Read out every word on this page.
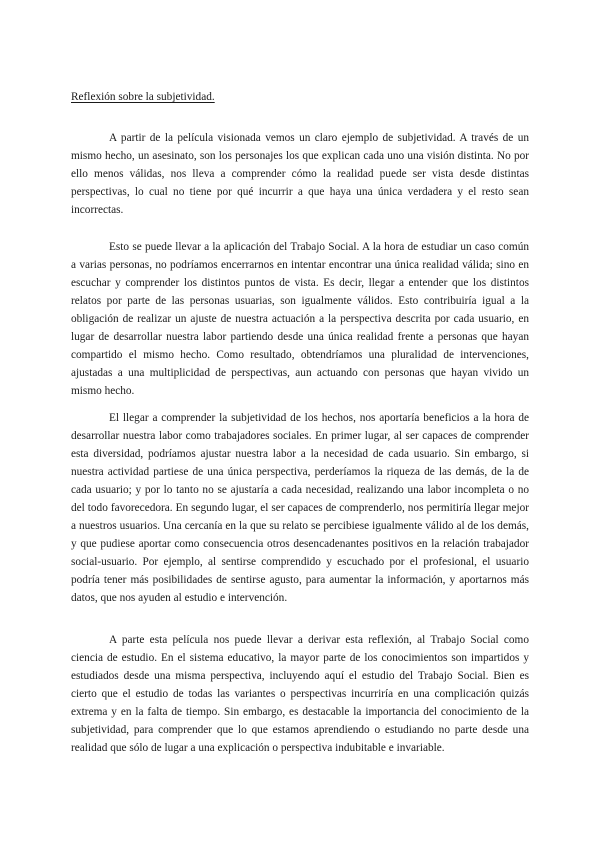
Reflexión sobre la subjetividad.

A partir de la película visionada vemos un claro ejemplo de subjetividad. A través de un mismo hecho, un asesinato, son los personajes los que explican cada uno una visión distinta. No por ello menos válidas, nos lleva a comprender cómo la realidad puede ser vista desde distintas perspectivas, lo cual no tiene por qué incurrir a que haya una única verdadera y el resto sean incorrectas.

Esto se puede llevar a la aplicación del Trabajo Social. A la hora de estudiar un caso común a varias personas, no podríamos encerrarnos en intentar encontrar una única realidad válida; sino en escuchar y comprender los distintos puntos de vista. Es decir, llegar a entender que los distintos relatos por parte de las personas usuarias, son igualmente válidos. Esto contribuiría igual a la obligación de realizar un ajuste de nuestra actuación a la perspectiva descrita por cada usuario, en lugar de desarrollar nuestra labor partiendo desde una única realidad frente a personas que hayan compartido el mismo hecho. Como resultado, obtendríamos una pluralidad de intervenciones, ajustadas a una multiplicidad de perspectivas, aun actuando con personas que hayan vivido un mismo hecho.

El llegar a comprender la subjetividad de los hechos, nos aportaría beneficios a la hora de desarrollar nuestra labor como trabajadores sociales. En primer lugar, al ser capaces de comprender esta diversidad, podríamos ajustar nuestra labor a la necesidad de cada usuario. Sin embargo, si nuestra actividad partiese de una única perspectiva, perderíamos la riqueza de las demás, de la de cada usuario; y por lo tanto no se ajustaría a cada necesidad, realizando una labor incompleta o no del todo favorecedora. En segundo lugar, el ser capaces de comprenderlo, nos permitiría llegar mejor a nuestros usuarios. Una cercanía en la que su relato se percibiese igualmente válido al de los demás, y que pudiese aportar como consecuencia otros desencadenantes positivos en la relación trabajador social-usuario. Por ejemplo, al sentirse comprendido y escuchado por el profesional, el usuario podría tener más posibilidades de sentirse agusto, para aumentar la información, y aportarnos más datos, que nos ayuden al estudio e intervención.

A parte esta película nos puede llevar a derivar esta reflexión, al Trabajo Social como ciencia de estudio. En el sistema educativo, la mayor parte de los conocimientos son impartidos y estudiados desde una misma perspectiva, incluyendo aquí el estudio del Trabajo Social. Bien es cierto que el estudio de todas las variantes o perspectivas incurriría en una complicación quizás extrema y en la falta de tiempo. Sin embargo, es destacable la importancia del conocimiento de la subjetividad, para comprender que lo que estamos aprendiendo o estudiando no parte desde una realidad que sólo de lugar a una explicación o perspectiva indubitable e invariable.
